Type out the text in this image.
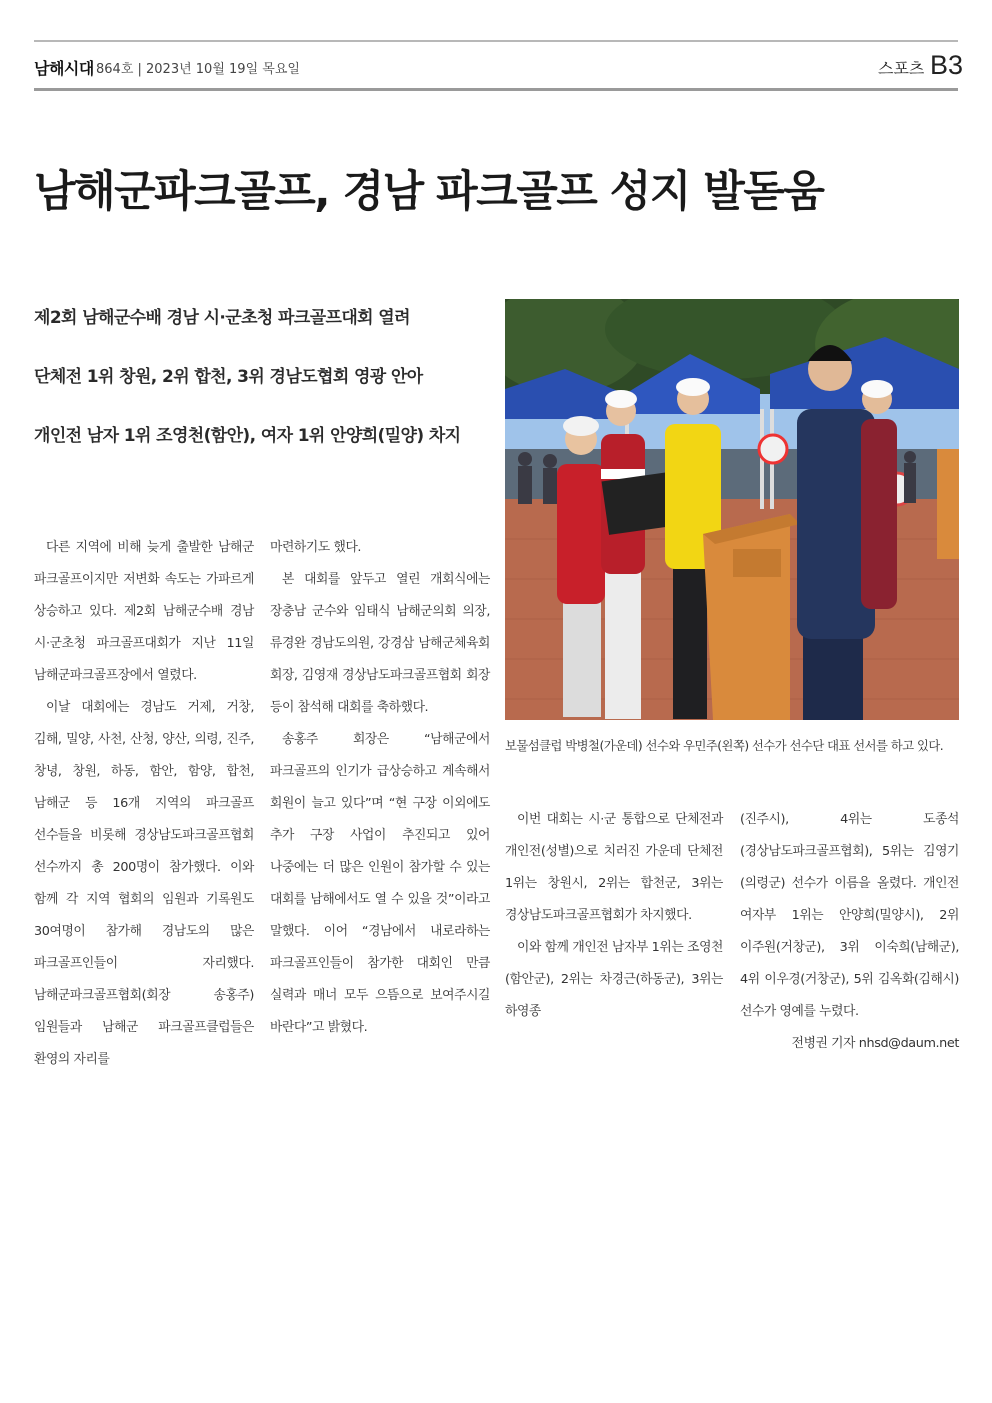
남해시대 864호 | 2023년 10월 19일 목요일	스포츠 B3
남해군파크골프, 경남 파크골프 성지 발돋움
제2회 남해군수배 경남 시·군초청 파크골프대회 열려
단체전 1위 창원, 2위 합천, 3위 경남도협회 영광 안아
개인전 남자 1위 조영천(함안), 여자 1위 안양희(밀양) 차지

다른 지역에 비해 늦게 출발한 남해군 파크골프이지만 저변화 속도는 가파르게 상승하고 있다. 제2회 남해군수배 경남 시·군초청 파크골프대회가 지난 11일 남해군파크골프장에서 열렸다.

이날 대회에는 경남도 거제, 거창, 김해, 밀양, 사천, 산청, 양산, 의령, 진주, 창녕, 창원, 하동, 함안, 함양, 합천, 남해군 등 16개 지역의 파크골프 선수들을 비롯해 경상남도파크골프협회 선수까지 총 200명이 참가했다. 이와 함께 각 지역 협회의 임원과 기록원도 30여명이 참가해 경남도의 많은 파크골프인들이 자리했다. 남해군파크골프협회(회장 송홍주) 임원들과 남해군 파크골프클럽들은 환영의 자리를

마련하기도 했다.

본 대회를 앞두고 열린 개회식에는 장충남 군수와 임태식 남해군의회 의장, 류경완 경남도의원, 강경삼 남해군체육회 회장, 김영재 경상남도파크골프협회 회장 등이 참석해 대회를 축하했다.

송홍주 회장은 “남해군에서 파크골프의 인기가 급상승하고 계속해서 회원이 늘고 있다”며 “현 구장 이외에도 추가 구장 사업이 추진되고 있어 나중에는 더 많은 인원이 참가할 수 있는 대회를 남해에서도 열 수 있을 것”이라고 말했다. 이어 “경남에서 내로라하는 파크골프인들이 참가한 대회인 만큼 실력과 매너 모두 으뜸으로 보여주시길 바란다”고 밝혔다.

이번 대회는 시·군 통합으로 단체전과 개인전(성별)으로 치러진 가운데 단체전 1위는 창원시, 2위는 합천군, 3위는 경상남도파크골프협회가 차지했다.

이와 함께 개인전 남자부 1위는 조영천(함안군), 2위는 차경근(하동군), 3위는 하영종

(진주시), 4위는 도종석(경상남도파크골프협회), 5위는 김영기(의령군) 선수가 이름을 올렸다. 개인전 여자부 1위는 안양희(밀양시), 2위 이주원(거창군), 3위 이숙희(남해군), 4위 이우경(거창군), 5위 김옥화(김해시) 선수가 영예를 누렸다.

전병권 기자 nhsd@daum.net
보물섬클럽 박병철(가운데) 선수와 우민주(왼쪽) 선수가 선수단 대표 선서를 하고 있다.
